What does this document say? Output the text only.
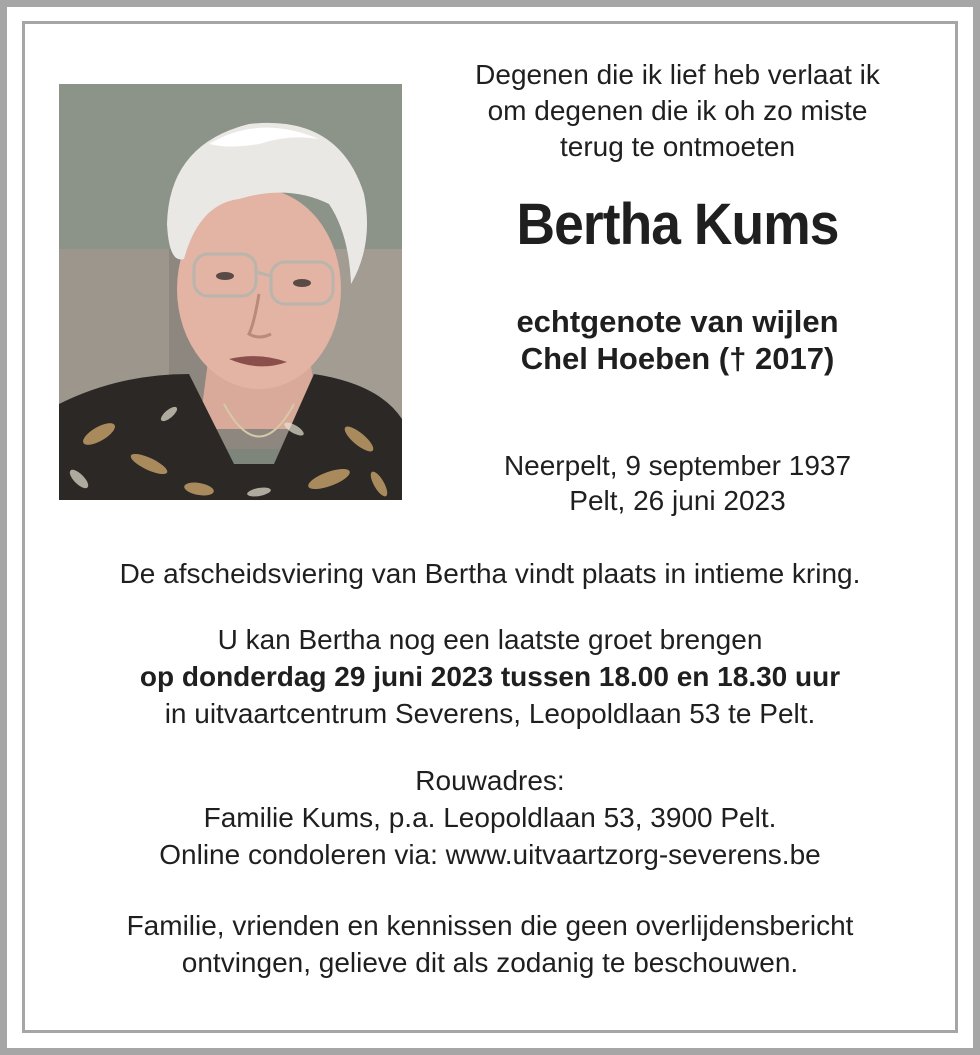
Degenen die ik lief heb verlaat ik
om degenen die ik oh zo miste
terug te ontmoeten
Bertha Kums
echtgenote van wijlen
Chel Hoeben († 2017)
Neerpelt, 9 september 1937
Pelt, 26 juni 2023
De afscheidsviering van Bertha vindt plaats in intieme kring.
U kan Bertha nog een laatste groet brengen
op donderdag 29 juni 2023 tussen 18.00 en 18.30 uur
in uitvaartcentrum Severens, Leopoldlaan 53 te Pelt.
Rouwadres:
Familie Kums, p.a. Leopoldlaan 53, 3900 Pelt.
Online condoleren via: www.uitvaartzorg-severens.be
Familie, vrienden en kennissen die geen overlijdensbericht
ontvingen, gelieve dit als zodanig te beschouwen.
